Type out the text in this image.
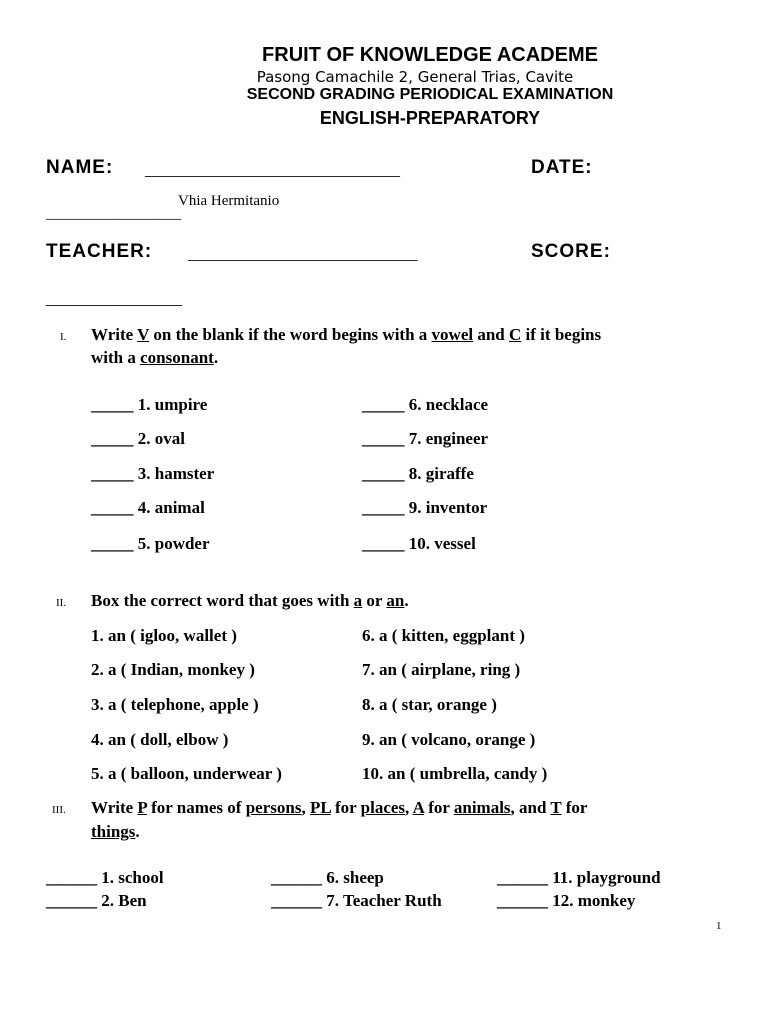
FRUIT OF KNOWLEDGE ACADEME
Pasong Camachile 2, General Trias, Cavite
SECOND GRADING PERIODICAL EXAMINATION
ENGLISH-PREPARATORY
NAME: ______________________________	DATE:
Vhia Hermitanio
__________________
TEACHER: ___________________________	SCORE:
________________
I. Write V on the blank if the word begins with a vowel and C if it begins
with a consonant.
_____ 1. umpire
_____ 2. oval
_____ 3. hamster
_____ 4. animal
_____ 5. powder
_____ 6. necklace
_____ 7. engineer
_____ 8. giraffe
_____ 9. inventor
_____ 10. vessel
II. Box the correct word that goes with a or an.
1. an ( igloo, wallet )
2. a ( Indian, monkey )
3. a ( telephone, apple )
4. an ( doll, elbow )
5. a ( balloon, underwear )
6. a ( kitten, eggplant )
7. an ( airplane, ring )
8. a ( star, orange )
9. an ( volcano, orange )
10. an ( umbrella, candy )
III. Write P for names of persons, PL for places, A for animals, and T for
things.
______ 1. school	______ 6. sheep	______ 11. playground
______ 2. Ben	______ 7. Teacher Ruth	______ 12. monkey
1
